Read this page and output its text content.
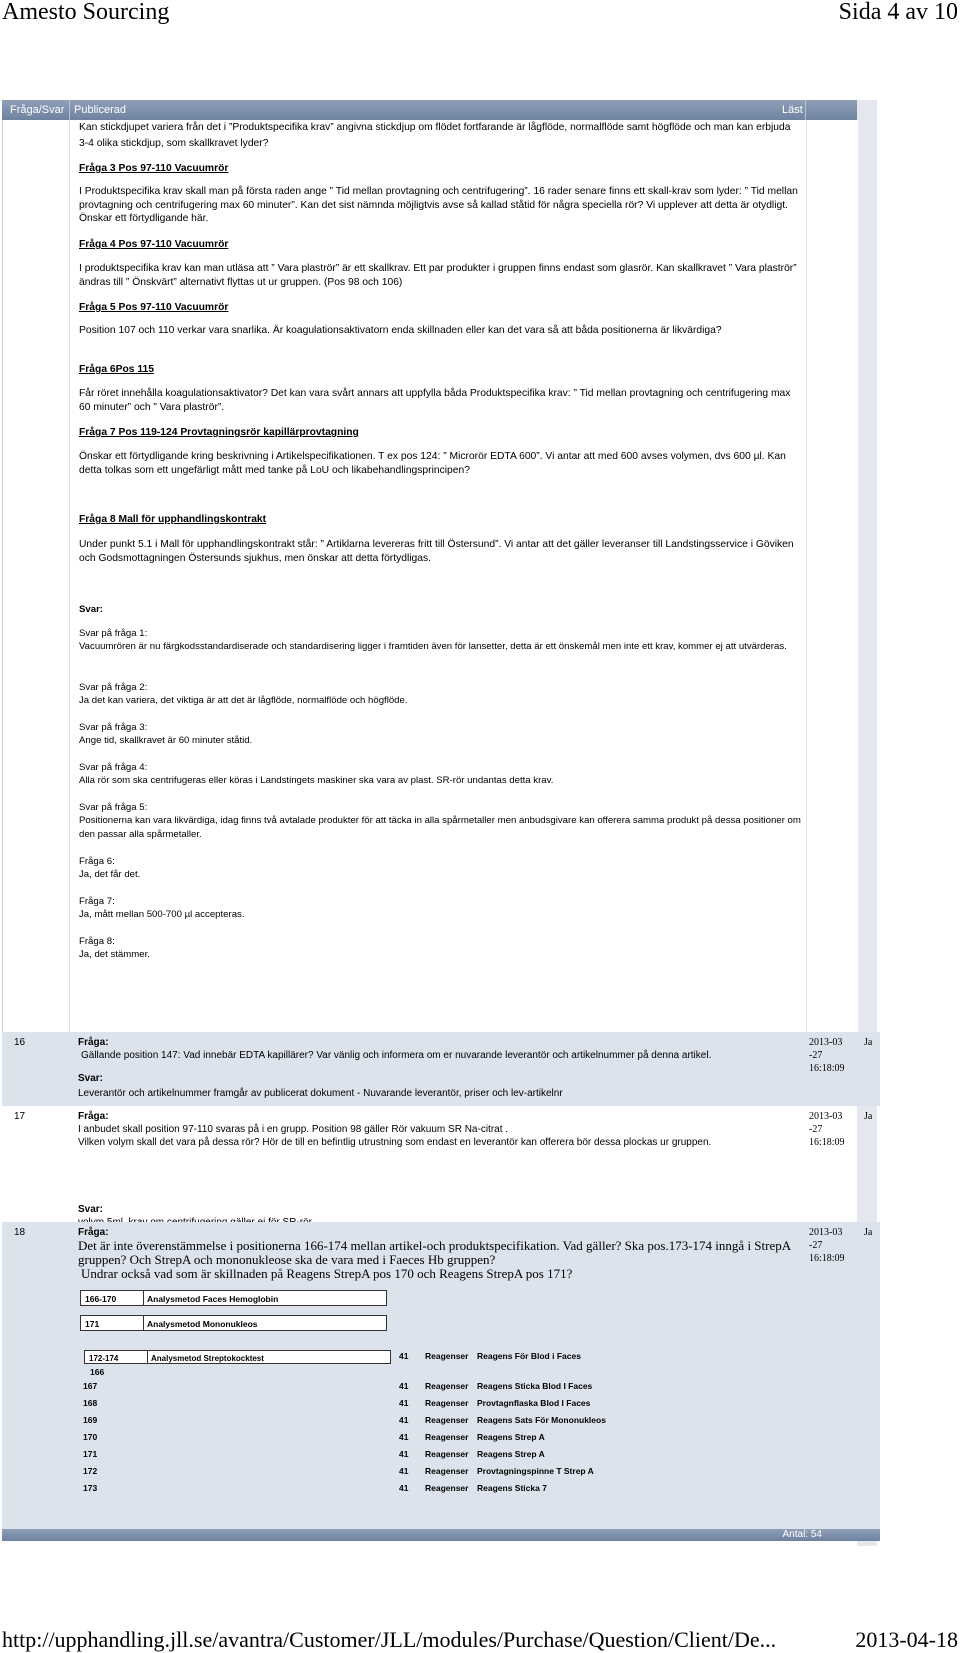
Amesto Sourcing	Sida 4 av 10
Fråga/Svar Publicerad	Läst
Kan stickdjupet variera från det i ”Produktspecifika krav” angivna stickdjup om flödet fortfarande är lågflöde, normalflöde samt högflöde och man kan erbjuda 3-4 olika stickdjup, som skallkravet lyder?
Fråga 3 Pos 97-110 Vacuumrör
I Produktspecifika krav skall man på första raden ange ” Tid mellan provtagning och centrifugering”. 16 rader senare finns ett skall-krav som lyder: ” Tid mellan provtagning och centrifugering max 60 minuter”. Kan det sist nämnda möjligtvis avse så kallad ståtid för några speciella rör? Vi upplever att detta är otydligt. Önskar ett förtydligande här.
Fråga 4 Pos 97-110 Vacuumrör
I produktspecifika krav kan man utläsa att ” Vara plaströr” är ett skallkrav. Ett par produkter i gruppen finns endast som glasrör. Kan skallkravet ” Vara plaströr” ändras till ” Önskvärt” alternativt flyttas ut ur gruppen. (Pos 98 och 106)
Fråga 5 Pos 97-110 Vacuumrör
Position 107 och 110 verkar vara snarlika. Är koagulationsaktivatorn enda skillnaden eller kan det vara så att båda positionerna är likvärdiga?
Fråga 6Pos 115
Får röret innehålla koagulationsaktivator? Det kan vara svårt annars att uppfylla båda Produktspecifika krav: ” Tid mellan provtagning och centrifugering max 60 minuter” och ” Vara plaströr”.
Fråga 7 Pos 119-124 Provtagningsrör kapillärprovtagning
Önskar ett förtydligande kring beskrivning i Artikelspecifikationen. T ex pos 124: ” Microrör EDTA 600”. Vi antar att med 600 avses volymen, dvs 600 µl. Kan detta tolkas som ett ungefärligt mått med tanke på LoU och likabehandlingsprincipen?
Fråga 8 Mall för upphandlingskontrakt
Under punkt 5.1 i Mall för upphandlingskontrakt står: ” Artiklarna levereras fritt till Östersund”. Vi antar att det gäller leveranser till Landstingsservice i Göviken och Godsmottagningen Östersunds sjukhus, men önskar att detta förtydligas.
Svar:
Svar på fråga 1:
Vacuumrören är nu färgkodsstandardiserade och standardisering ligger i framtiden även för lansetter, detta är ett önskemål men inte ett krav, kommer ej att utvärderas.
Svar på fråga 2:
Ja det kan variera, det viktiga är att det är lågflöde, normalflöde och högflöde.
Svar på fråga 3:
Ange tid, skallkravet är 60 minuter ståtid.
Svar på fråga 4:
Alla rör som ska centrifugeras eller köras i Landstingets maskiner ska vara av plast. SR-rör undantas detta krav.
Svar på fråga 5:
Positionerna kan vara likvärdiga, idag finns två avtalade produkter för att täcka in alla spårmetaller men anbudsgivare kan offerera samma produkt på dessa positioner om den passar alla spårmetaller.
Fråga 6:
Ja, det får det.
Fråga 7:
Ja, mått mellan 500-700 µl accepteras.
Fråga 8:
Ja, det stämmer.
16	Fråga:
Gällande position 147: Vad innebär EDTA kapillärer? Var vänlig och informera om er nuvarande leverantör och artikelnummer på denna artikel.
Svar:
Leverantör och artikelnummer framgår av publicerat dokument - Nuvarande leverantör, priser och lev-artikelnr
2013-03
-27
16:18:09
Ja
17	Fråga:
I anbudet skall position 97-110 svaras på i en grupp. Position 98 gäller Rör vakuum SR Na-citrat .
Vilken volym skall det vara på dessa rör? Hör de till en befintlig utrustning som endast en leverantör kan offerera bör dessa plockas ur gruppen.
Svar:
2013-03
-27
16:18:09
Ja
18	Fråga:
Det är inte överenstämmelse i positionerna 166-174 mellan artikel-och produktspecifikation. Vad gäller? Ska pos.173-174 inngå i StrepA gruppen? Och StrepA och mononukleose ska de vara med i Faeces Hb gruppen?
Undrar också vad som är skillnaden på Reagens StrepA pos 170 och Reagens StrepA pos 171?
2013-03
-27
16:18:09
Ja
166-170	Analysmetod Faces Hemoglobin
171	Analysmetod Mononukleos
172-174	Analysmetod Streptokocktest	41 Reagenser Reagens För Blod i Faces
166
167	41 Reagenser Reagens Sticka Blod I Faces
168	41 Reagenser Provtagnflaska Blod I Faces
169	41 Reagenser Reagens Sats För Mononukleos
170	41 Reagenser Reagens Strep A
171	41 Reagenser Reagens Strep A
172	41 Reagenser Provtagningspinne T Strep A
173	41 Reagenser Reagens Sticka 7
Antal: 54
http://upphandling.jll.se/avantra/Customer/JLL/modules/Purchase/Question/Client/De...	2013-04-18
